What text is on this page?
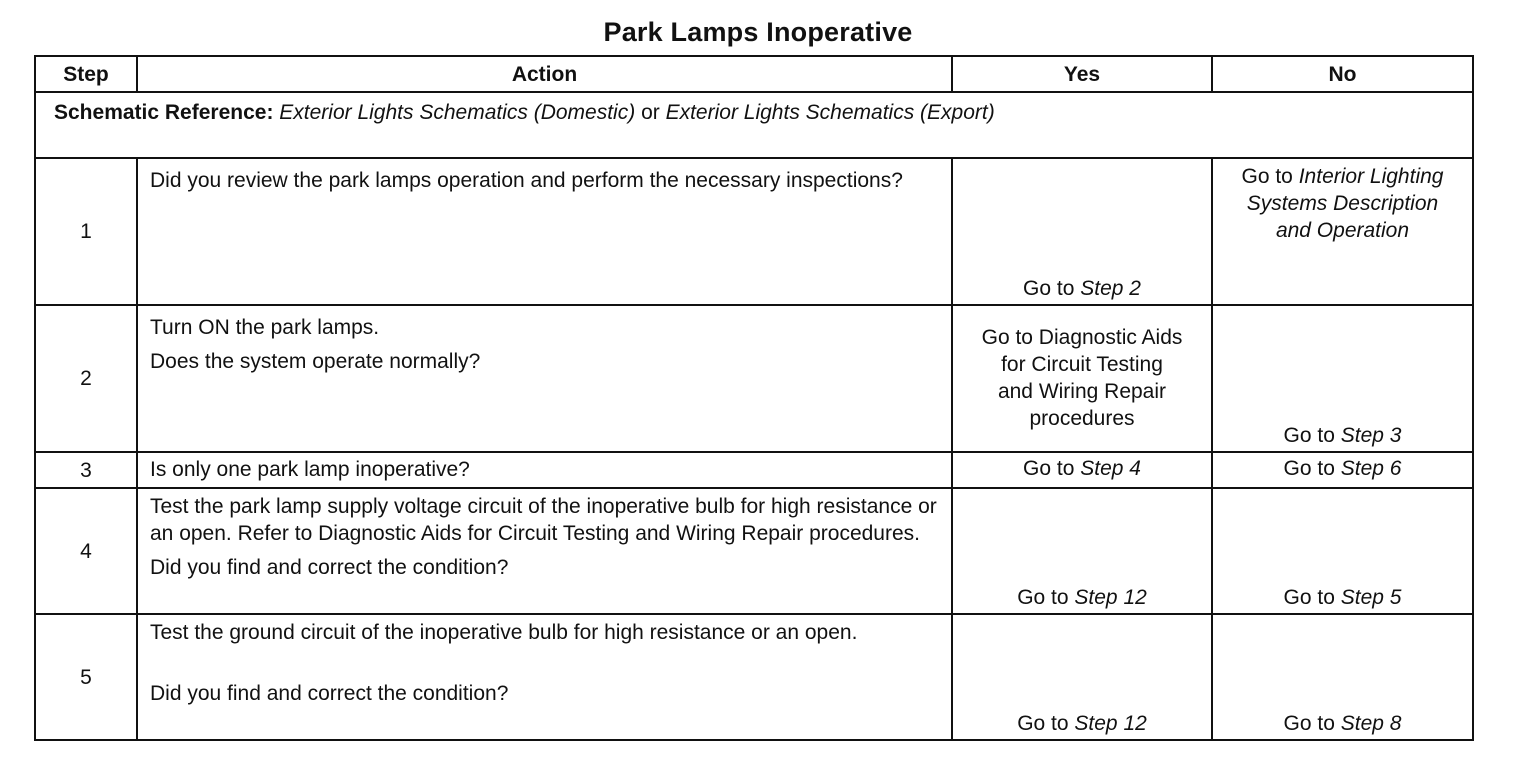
Park Lamps Inoperative
Step	Action	Yes	No
Schematic Reference: Exterior Lights Schematics (Domestic) or Exterior Lights Schematics (Export)			
1	Did you review the park lamps operation and perform the necessary inspections?	Go to Step 2	Go to Interior Lighting Systems Description and Operation

2	Turn ON the park lamps.

Does the system operate normally?	Go to Diagnostic Aids for Circuit Testing and Wiring Repair procedures	Go to Step 3

3	Is only one park lamp inoperative?	Go to Step 4	Go to Step 6

4	Test the park lamp supply voltage circuit of the inoperative bulb for high resistance or an open. Refer to Diagnostic Aids for Circuit Testing and Wiring Repair procedures.

Did you find and correct the condition?	Go to Step 12	Go to Step 5

5	Test the ground circuit of the inoperative bulb for high resistance or an open.

Did you find and correct the condition?	Go to Step 12	Go to Step 8
